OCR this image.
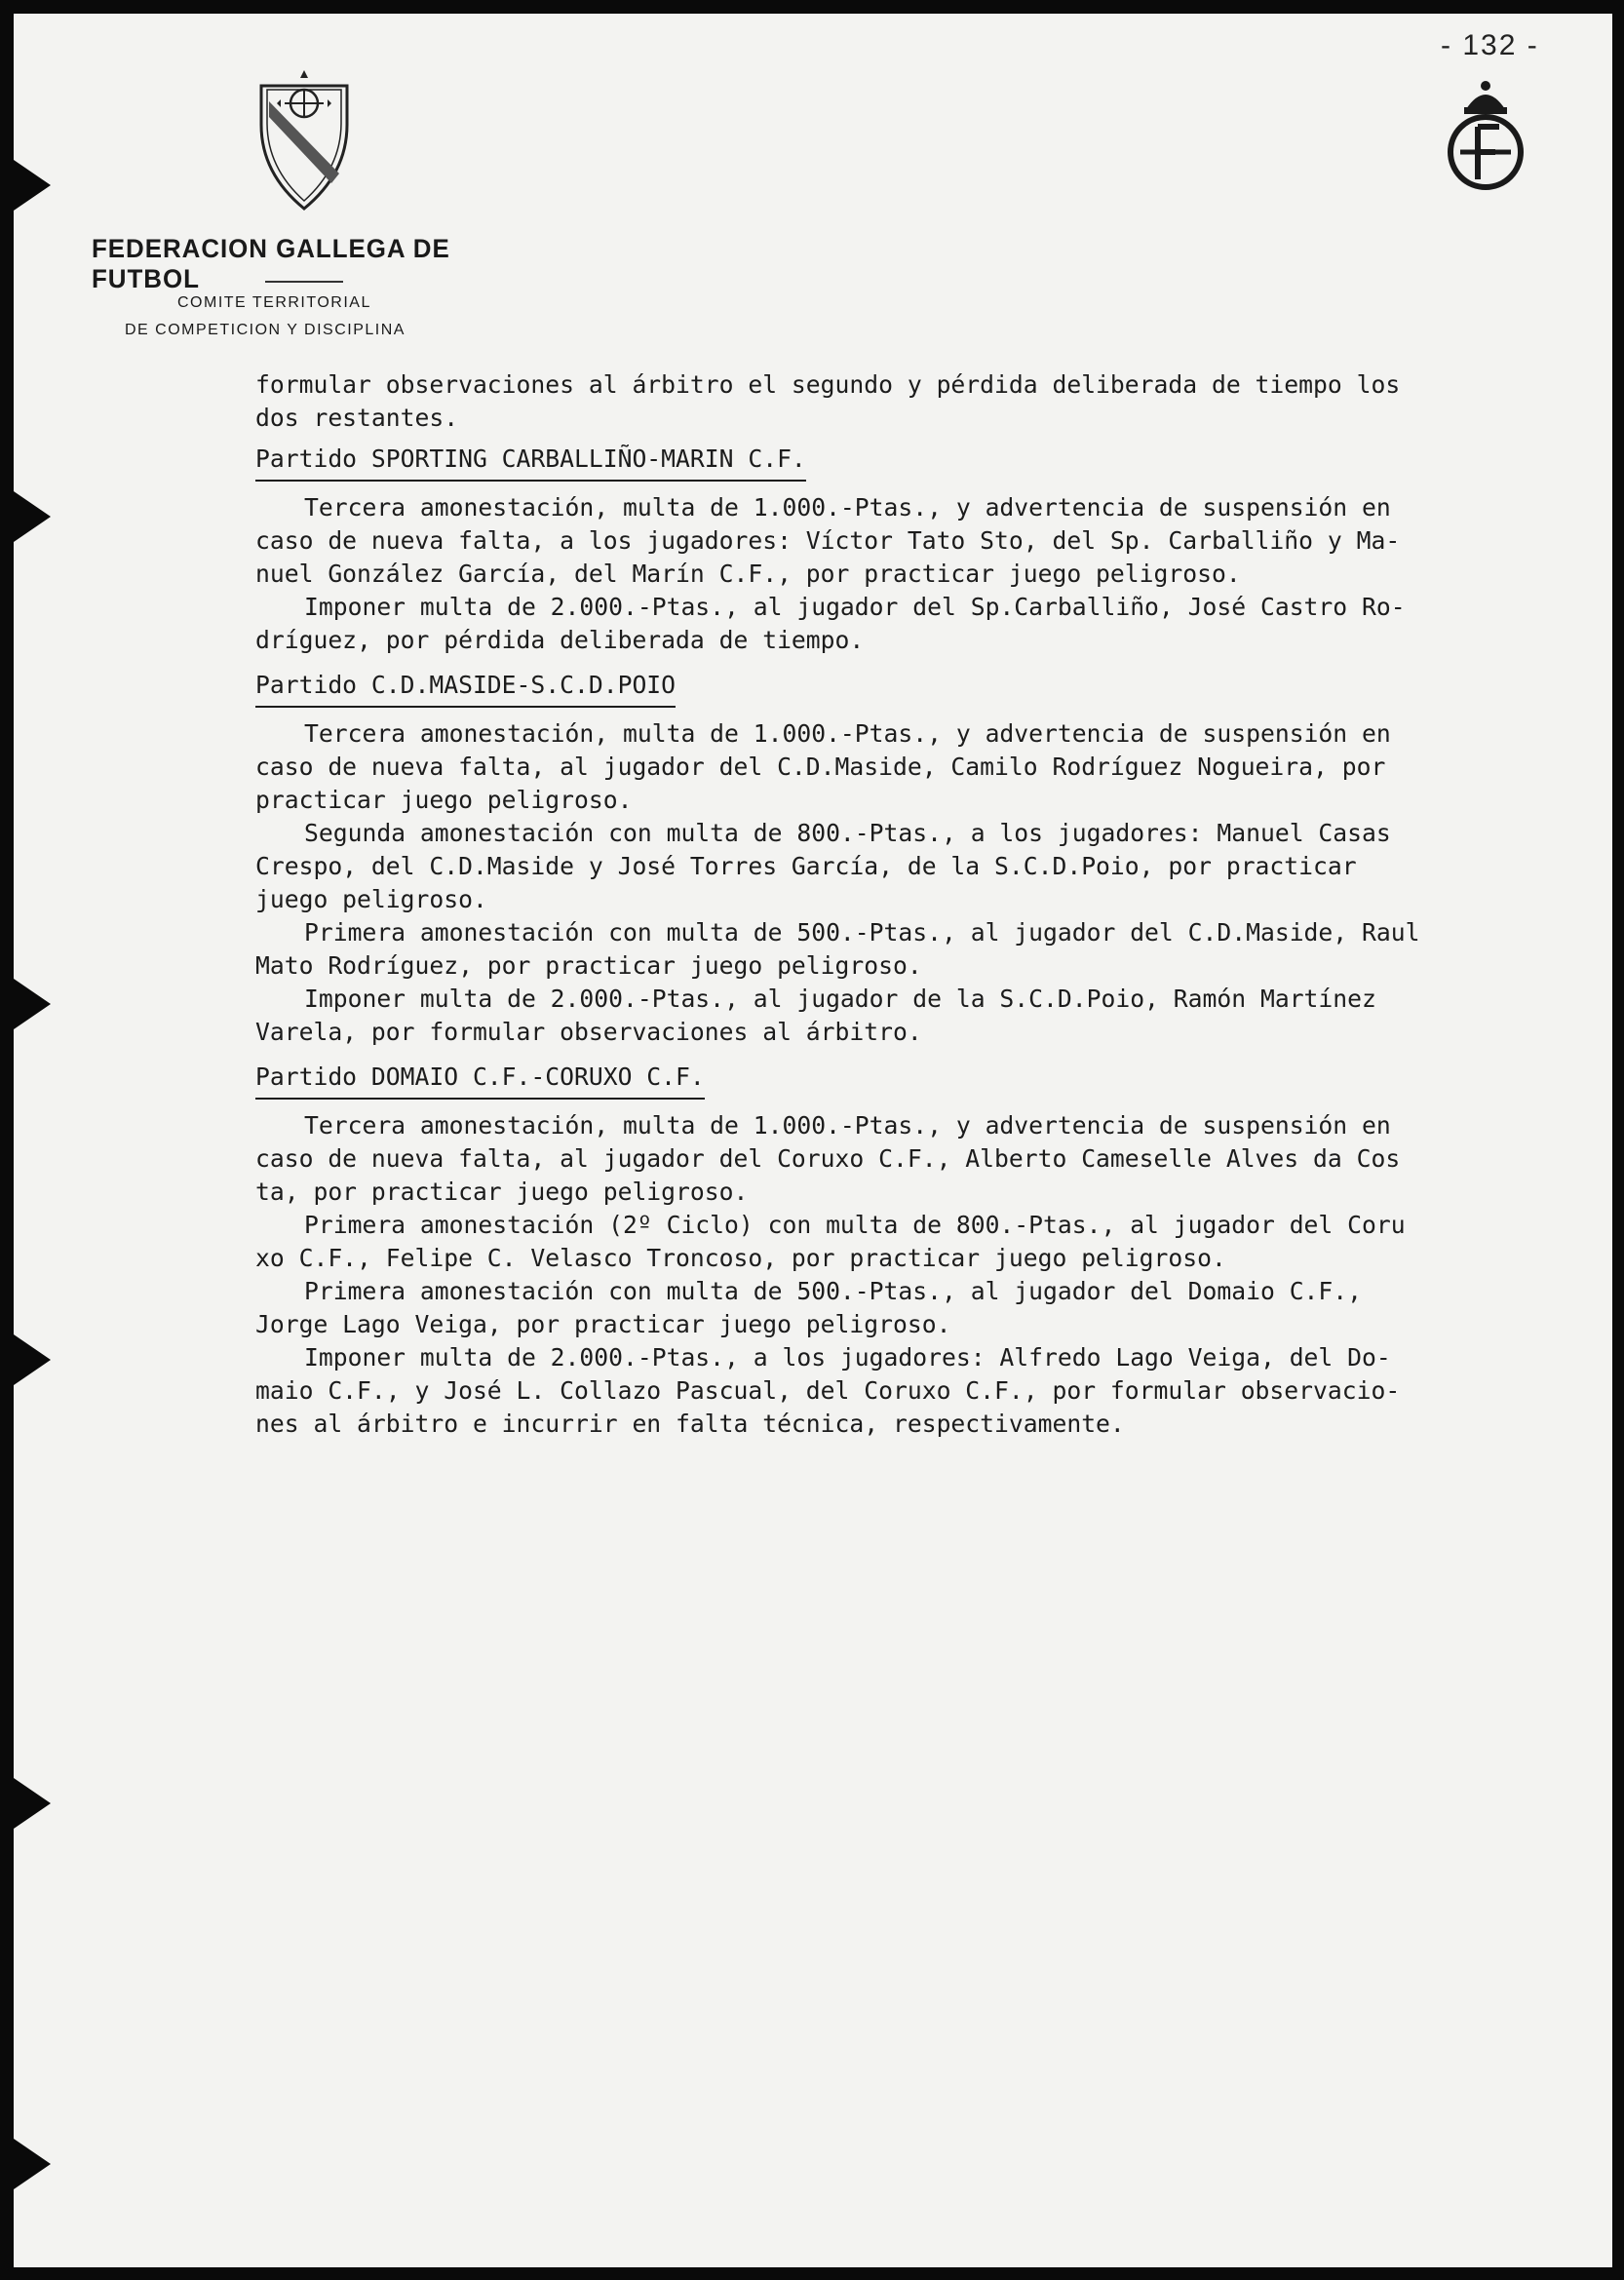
- 132 -
FEDERACION GALLEGA DE FUTBOL
COMITE TERRITORIAL
DE COMPETICION Y DISCIPLINA

formular observaciones al árbitro el segundo y pérdida deliberada de tiempo los

dos restantes.

Partido SPORTING CARBALLIÑO-MARIN C.F.

Tercera amonestación, multa de 1.000.-Ptas., y advertencia de suspensión en

caso de nueva falta, a los jugadores: Víctor Tato Sto, del Sp. Carballiño y Ma-

nuel González García, del Marín C.F., por practicar juego peligroso.

Imponer multa de 2.000.-Ptas., al jugador del Sp.Carballiño, José Castro Ro-

dríguez, por pérdida deliberada de tiempo.

Partido C.D.MASIDE-S.C.D.POIO

Tercera amonestación, multa de 1.000.-Ptas., y advertencia de suspensión en

caso de nueva falta, al jugador del C.D.Maside, Camilo Rodríguez Nogueira, por

practicar juego peligroso.

Segunda amonestación con multa de 800.-Ptas., a los jugadores: Manuel Casas

Crespo, del C.D.Maside y José Torres García, de la S.C.D.Poio, por practicar

juego peligroso.

Primera amonestación con multa de 500.-Ptas., al jugador del C.D.Maside, Raul

Mato Rodríguez, por practicar juego peligroso.

Imponer multa de 2.000.-Ptas., al jugador de la S.C.D.Poio, Ramón Martínez

Varela, por formular observaciones al árbitro.

Partido DOMAIO C.F.-CORUXO C.F.

Tercera amonestación, multa de 1.000.-Ptas., y advertencia de suspensión en

caso de nueva falta, al jugador del Coruxo C.F., Alberto Cameselle Alves da Cos

ta, por practicar juego peligroso.

Primera amonestación (2º Ciclo) con multa de 800.-Ptas., al jugador del Coru

xo C.F., Felipe C. Velasco Troncoso, por practicar juego peligroso.

Primera amonestación con multa de 500.-Ptas., al jugador del Domaio C.F.,

Jorge Lago Veiga, por practicar juego peligroso.

Imponer multa de 2.000.-Ptas., a los jugadores: Alfredo Lago Veiga, del Do-

maio C.F., y José L. Collazo Pascual, del Coruxo C.F., por formular observacio-

nes al árbitro e incurrir en falta técnica, respectivamente.
